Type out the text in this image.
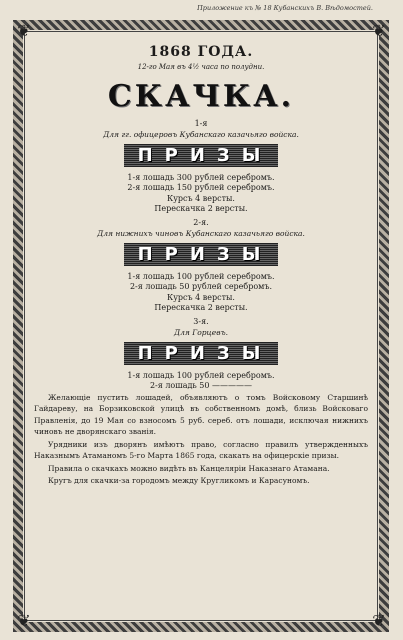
Приложение къ № 18 Кубанскихъ В. Вѣдомостей.
❦	❦
❦	❦
1868 ГОДА.
12-го Мая въ 4½ часа по полудни.
СКАЧКА.
1-я
Для гг. офицеровъ Кубанскаго казачьяго войска.
ПРИЗЫ
1-я лошадь 300 рублей серебромъ.
2-я лошадь 150 рублей серебромъ.
Курсъ 4 версты.
Перескачка 2 версты.
2-я.
Для нижнихъ чиновъ Кубанскаго казачьяго войска.
ПРИЗЫ
1-я лошадь 100 рублей серебромъ.
2-я лошадь 50 рублей серебромъ.
Курсъ 4 версты.
Перескачка 2 версты.
3-я.
Для Горцевъ.
ПРИЗЫ
1-я лошадь 100 рублей серебромъ.
2-я лошадь 50 —————

Желающіе пустить лошадей, объявляютъ о томъ Войсковому Старшинѣ Гайдареву, на Борзиковской улицѣ въ собственномъ домѣ, близь Войсковаго Правленія, до 19 Мая со взносомъ 5 руб. сереб. отъ лошади, исключая нижнихъ чиновъ не дворянскаго званія.

Урядники изъ дворянъ имѣютъ право, согласно правилъ утвержденныхъ Наказнымъ Атаманомъ 5-го Марта 1865 года, скакать на офицерскіе призы.

Правила о скачкахъ можно видѣть въ Канцеляріи Наказнаго Атамана.

Кругъ для скачки-за городомъ между Кругликомъ и Карасуномъ.
